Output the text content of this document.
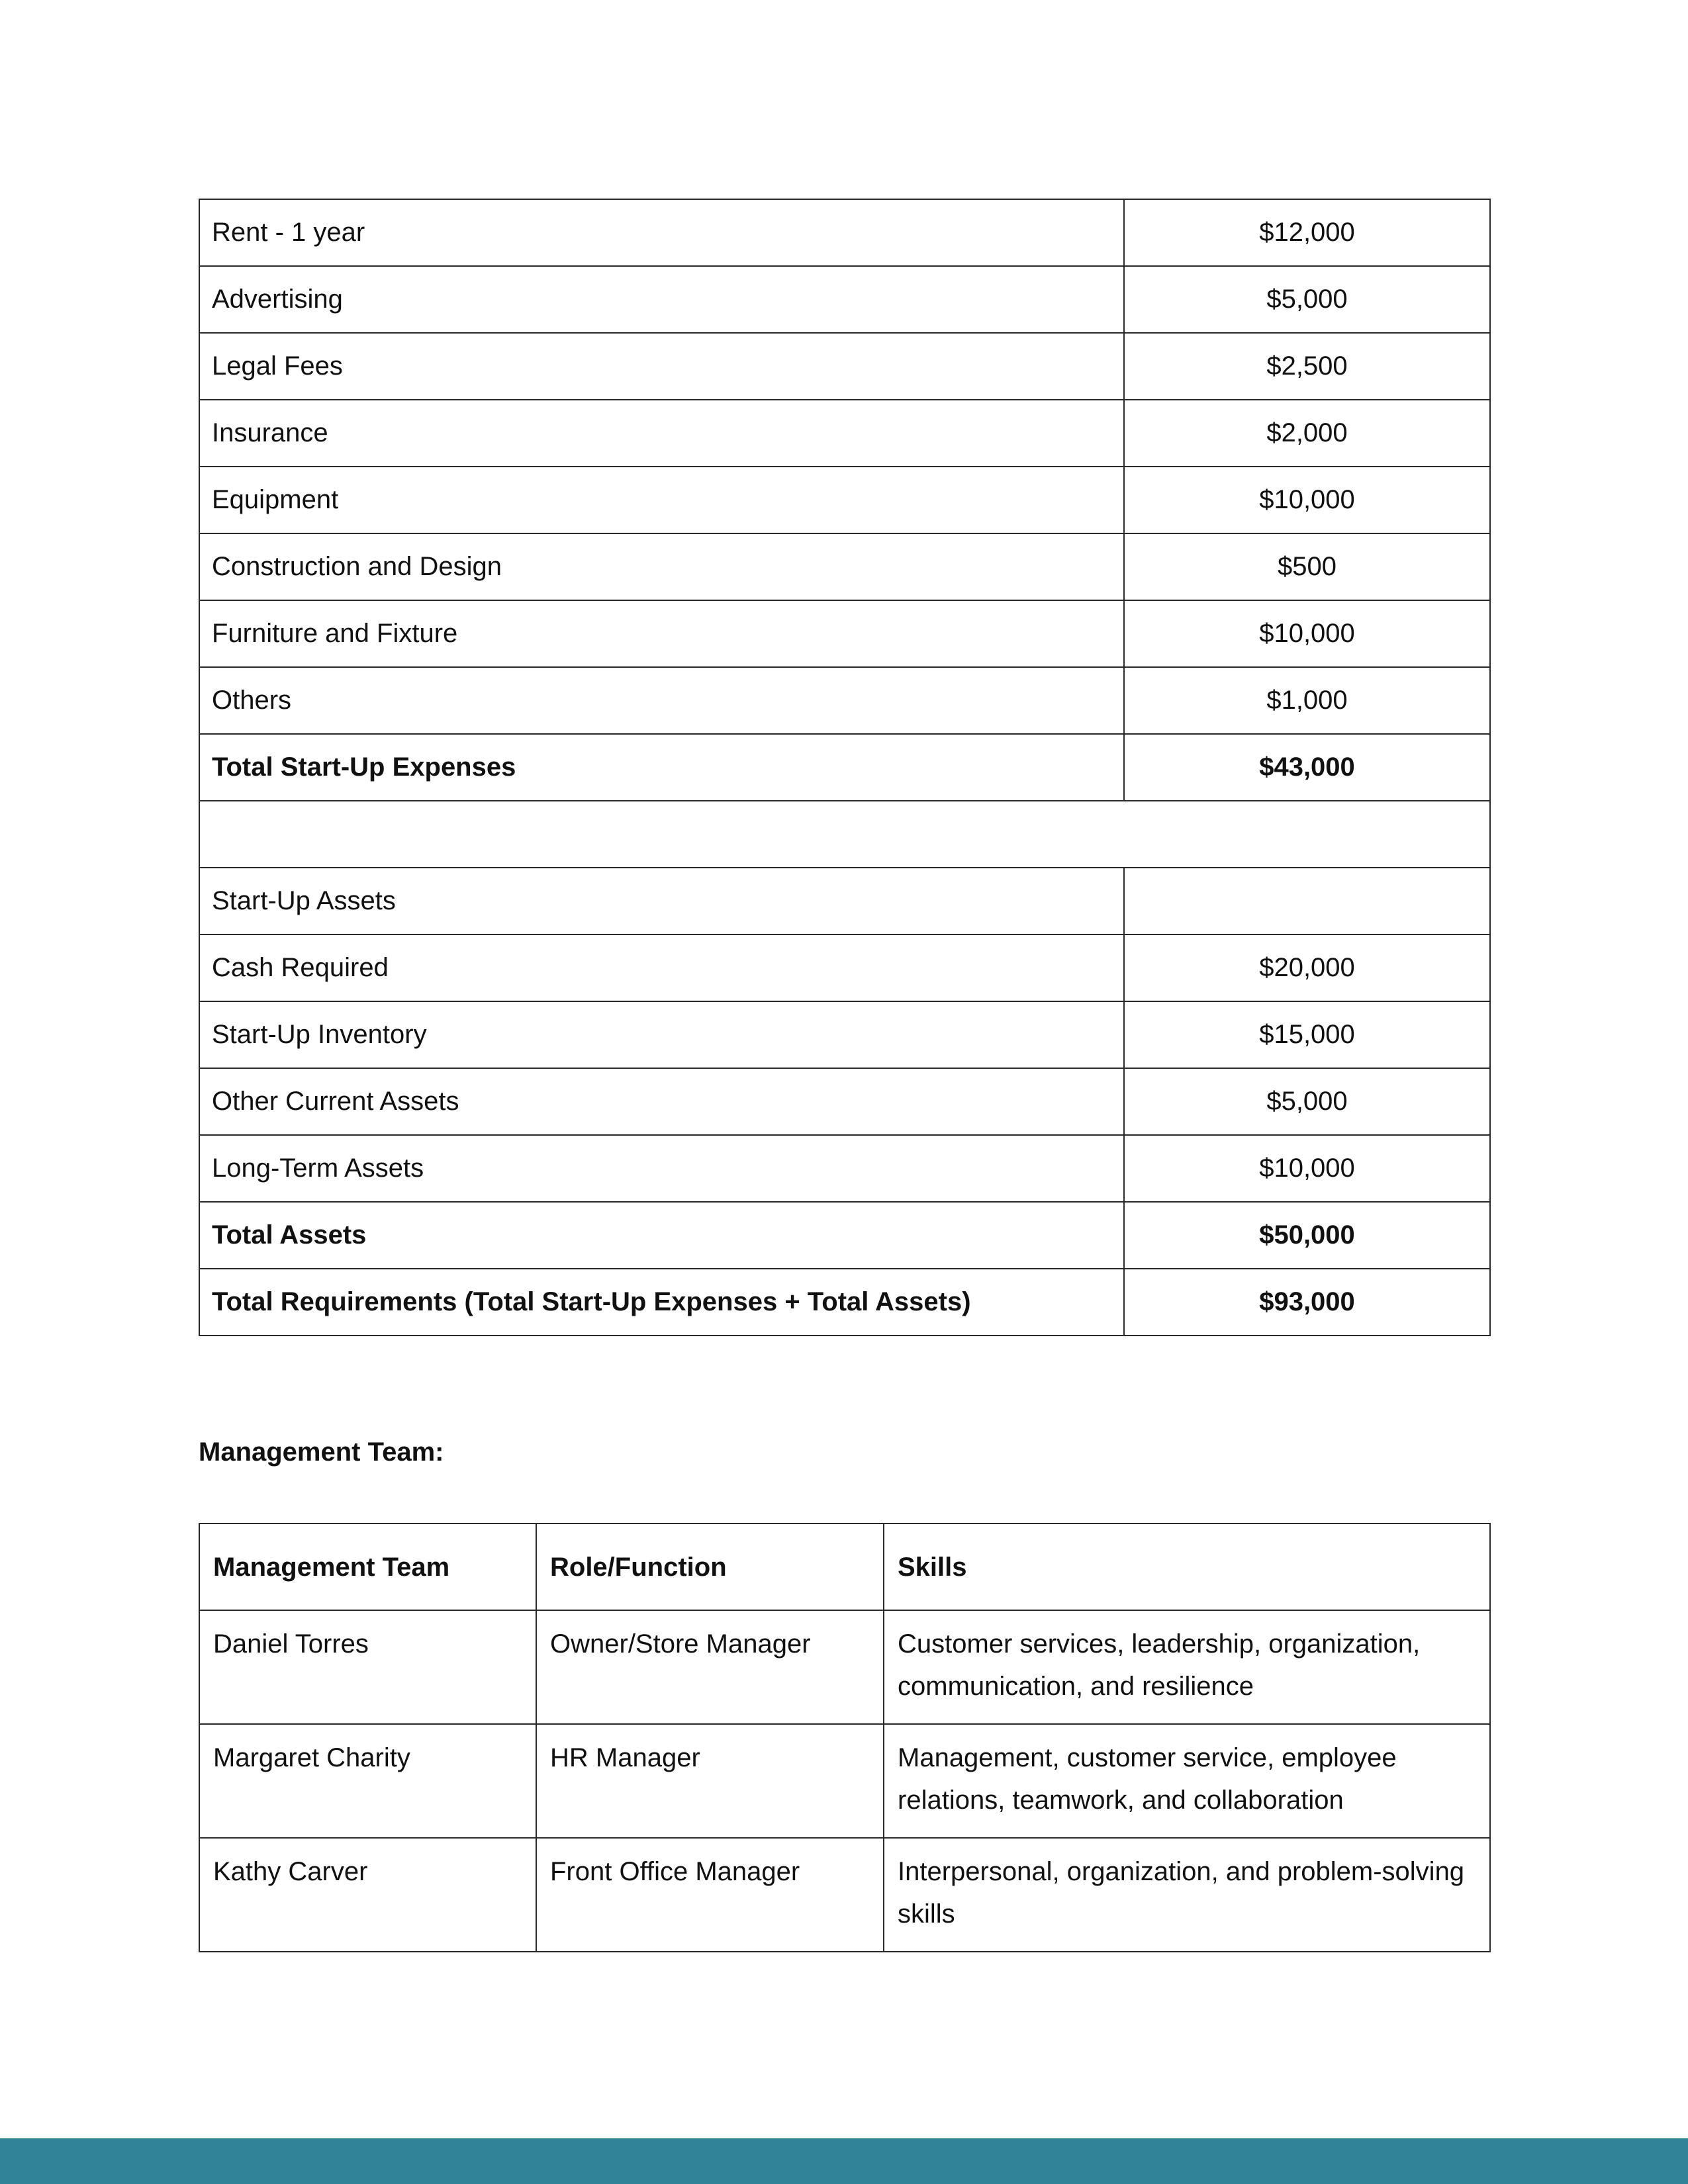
Rent - 1 year	$12,000
Advertising	$5,000
Legal Fees	$2,500
Insurance	$2,000
Equipment	$10,000
Construction and Design	$500
Furniture and Fixture	$10,000
Others	$1,000
Total Start-Up Expenses	$43,000

Start-Up Assets	
Cash Required	$20,000
Start-Up Inventory	$15,000
Other Current Assets	$5,000
Long-Term Assets	$10,000
Total Assets	$50,000
Total Requirements (Total Start-Up Expenses + Total Assets)	$93,000
Management Team:
Management Team	Role/Function	Skills
Daniel Torres	Owner/Store Manager	Customer services, leadership, organization, communication, and resilience
Margaret Charity	HR Manager	Management, customer service, employee relations, teamwork, and collaboration
Kathy Carver	Front Office Manager	Interpersonal, organization, and problem-solving skills
